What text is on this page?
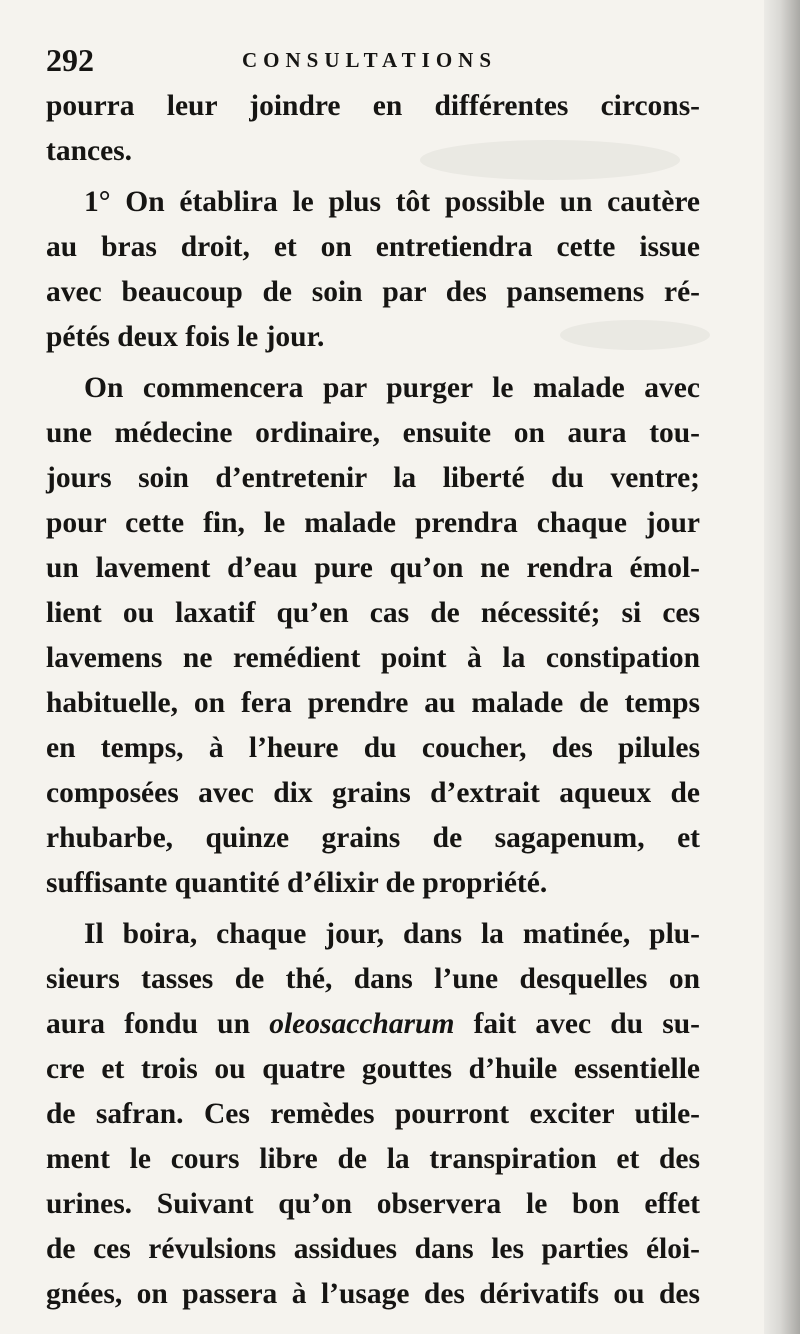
292	CONSULTATIONS
pourra leur joindre en différentes circons-
tances.
1° On établira le plus tôt possible un cautère
au bras droit, et on entretiendra cette issue
avec beaucoup de soin par des pansemens ré-
pétés deux fois le jour.
On commencera par purger le malade avec
une médecine ordinaire, ensuite on aura tou-
jours soin d’entretenir la liberté du ventre;
pour cette fin, le malade prendra chaque jour
un lavement d’eau pure qu’on ne rendra émol-
lient ou laxatif qu’en cas de nécessité; si ces
lavemens ne remédient point à la constipation
habituelle, on fera prendre au malade de temps
en temps, à l’heure du coucher, des pilules
composées avec dix grains d’extrait aqueux de
rhubarbe, quinze grains de sagapenum, et
suffisante quantité d’élixir de propriété.
Il boira, chaque jour, dans la matinée, plu-
sieurs tasses de thé, dans l’une desquelles on
aura fondu un oleosaccharum fait avec du su-
cre et trois ou quatre gouttes d’huile essentielle
de safran. Ces remèdes pourront exciter utile-
ment le cours libre de la transpiration et des
urines. Suivant qu’on observera le bon effet
de ces révulsions assidues dans les parties éloi-
gnées, on passera à l’usage des dérivatifs ou des
